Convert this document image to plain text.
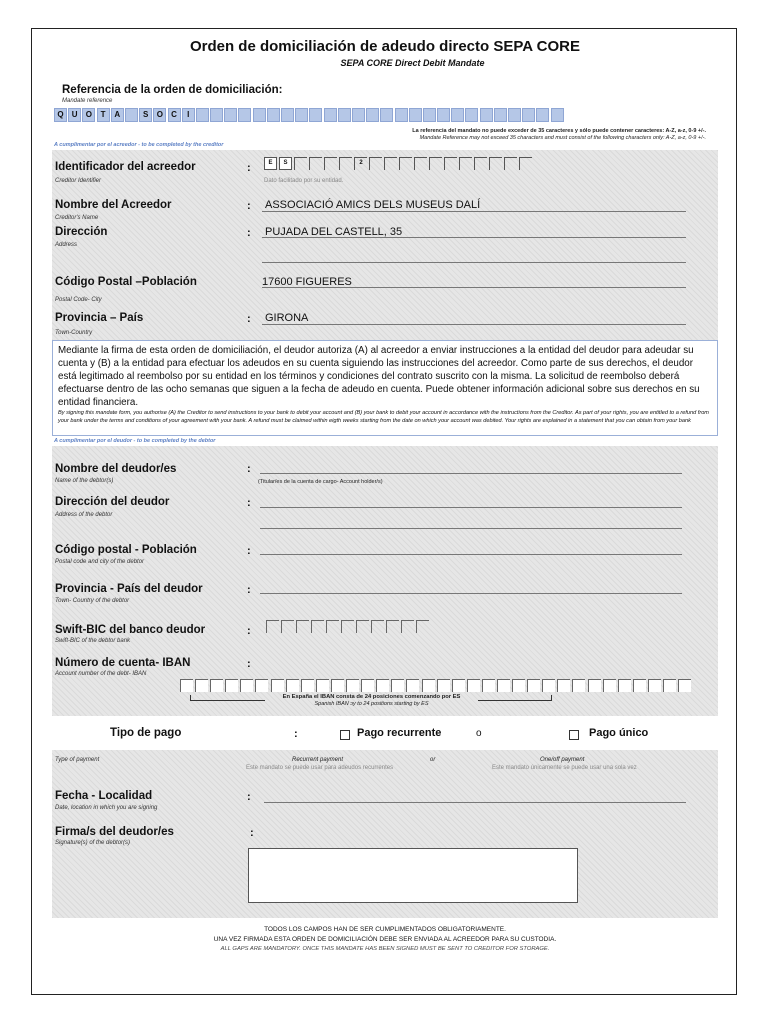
Orden de domiciliación de adeudo directo SEPA CORE
SEPA CORE Direct Debit Mandate
Referencia de la orden de domiciliación:
Mandate reference
Q	U	O	T	A	S	O	C	I
La referencia del mandato no puede exceder de 35 caracteres y sólo puede contener caracteres: A-Z, a-z, 0-9 +/-.
Mandate Reference may not exceed 35 characters and must consist of the following characters only: A-Z, a-z, 0-9 +/-.
A cumplimentar por el acreedor - to be completed by the creditor
Identificador del acreedor
Creditor Identifier
:	E	S	2
Dato facilitado por su entidad.
Nombre del Acreedor
Creditor's Name
: ASSOCIACIÓ AMICS DELS MUSEUS DALÍ
Dirección
Address
: PUJADA DEL CASTELL, 35
Código Postal –Población
Postal Code- City
17600 FIGUERES
Provincia – País
Town-Country
: GIRONA
Mediante la firma de esta orden de domiciliación, el deudor autoriza (A) al acreedor a enviar instrucciones a la entidad del deudor para adeudar su cuenta y (B) a la entidad para efectuar los adeudos en su cuenta siguiendo las instrucciones del acreedor. Como parte de sus derechos, el deudor está legitimado al reembolso por su entidad en los términos y condiciones del contrato suscrito con la misma. La solicitud de reembolso deberá efectuarse dentro de las ocho semanas que siguen a la fecha de adeudo en cuenta. Puede obtener información adicional sobre sus derechos en su entidad financiera.
By signing this mandate form, you authorise (A) the Creditor to send instructions to your bank to debit your account and (B) your bank to debit your account in accordance with the instructions from the Creditor. As part of your rights, you are entitled to a refund from your bank under the terms and conditions of your agreement with your bank. A refund must be claimed within eigth weeks starting from the date on which your account was debited. Your rights are explained in a statement that you can obtain from your bank
A cumplimentar por el deudor - to be completed by the debtor
Nombre del deudor/es
Name of the debtor(s)
:
(Titular/es de la cuenta de cargo- Account holder/s)
Dirección del deudor
Address of the debtor
:
Código postal - Población
Postal code and city of the debtor
:
Provincia - País del deudor
Town- Country of the debtor
:
Swift-BIC del banco deudor
Swift-BIC of the debtor bank
:
Número de cuenta- IBAN
Account number of the debt- IBAN
:
En España el IBAN consta de 24 posiciones comenzando por ES
Spanish IBAN ↄy to 24 positions starting by ES
Tipo de pago	:	Pago recurrente	o	Pago único
Type of payment	Recurrent payment	or	One/off payment
Este mandato se puede usar para adeudos recurrentes	Este mandato únicamente se puede usar una sola vez
Fecha - Localidad
Date, location in which you are signing
:
Firma/s del deudor/es
Signature(s) of the debtor(s)
:
TODOS LOS CAMPOS HAN DE SER CUMPLIMENTADOS OBLIGATORIAMENTE.
UNA VEZ FIRMADA ESTA ORDEN DE DOMICILIACIÓN DEBE SER ENVIADA AL ACREEDOR PARA SU CUSTODIA.
ALL GAPS ARE MANDATORY. ONCE THIS MANDATE HAS BEEN SIGNED MUST BE SENT TO CREDITOR FOR STORAGE.
